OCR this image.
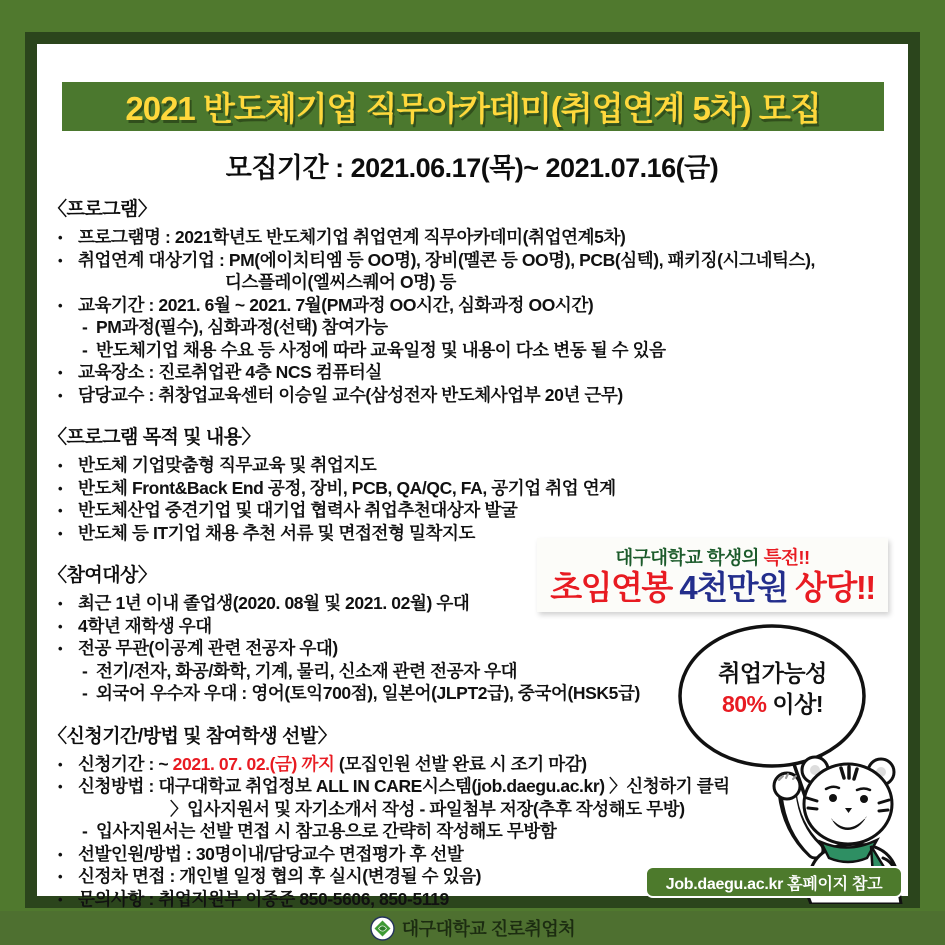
2021 반도체기업 직무아카데미(취업연계 5차) 모집
모집기간 : 2021.06.17(목)~ 2021.07.16(금)
〈프로그램〉
• 프로그램명 : 2021학년도 반도체기업 취업연계 직무아카데미(취업연계5차)
• 취업연계 대상기업 : PM(에이치티엠 등 OO명), 장비(멜콘 등 OO명), PCB(심텍), 패키징(시그네틱스),
디스플레이(엘씨스퀘어 O명) 등
• 교육기간 : 2021. 6월 ~ 2021. 7월(PM과정 OO시간, 심화과정 OO시간)
- PM과정(필수), 심화과정(선택) 참여가능
- 반도체기업 채용 수요 등 사정에 따라 교육일정 및 내용이 다소 변동 될 수 있음
• 교육장소 : 진로취업관 4층 NCS 컴퓨터실
• 담당교수 : 취창업교육센터 이승일 교수(삼성전자 반도체사업부 20년 근무)
〈프로그램 목적 및 내용〉
• 반도체 기업맞춤형 직무교육 및 취업지도
• 반도체 Front&Back End 공정, 장비, PCB, QA/QC, FA, 공기업 취업 연계
• 반도체산업 중견기업 및 대기업 협력사 취업추천대상자 발굴
• 반도체 등 IT기업 채용 추천 서류 및 면접전형 밀착지도
〈참여대상〉
• 최근 1년 이내 졸업생(2020. 08월 및 2021. 02월) 우대
• 4학년 재학생 우대
• 전공 무관(이공계 관련 전공자 우대)
- 전기/전자, 화공/화학, 기계, 물리, 신소재 관련 전공자 우대
- 외국어 우수자 우대 : 영어(토익700점), 일본어(JLPT2급), 중국어(HSK5급)
〈신청기간/방법 및 참여학생 선발〉
• 신청기간 : ~ 2021. 07. 02.(금) 까지 (모집인원 선발 완료 시 조기 마감)
• 신청방법 : 대구대학교 취업정보 ALL IN CARE시스템(job.daegu.ac.kr) 〉신청하기 클릭
〉입사지원서 및 자기소개서 작성 - 파일첨부 저장(추후 작성해도 무방)
- 입사지원서는 선발 면접 시 참고용으로 간략히 작성해도 무방함
• 선발인원/방법 : 30명이내/담당교수 면접평가 후 선발
• 신정차 면접 : 개인별 일정 협의 후 실시(변경될 수 있음)
• 문의사항 : 취업지원부 이종준 850-5606, 850-5119
대구대학교 학생의 특전!!
초임연봉 4천만원 상당!!
취업가능성
80% 이상!
Job.daegu.ac.kr 홈페이지 참고
대구대학교 진로취업처
